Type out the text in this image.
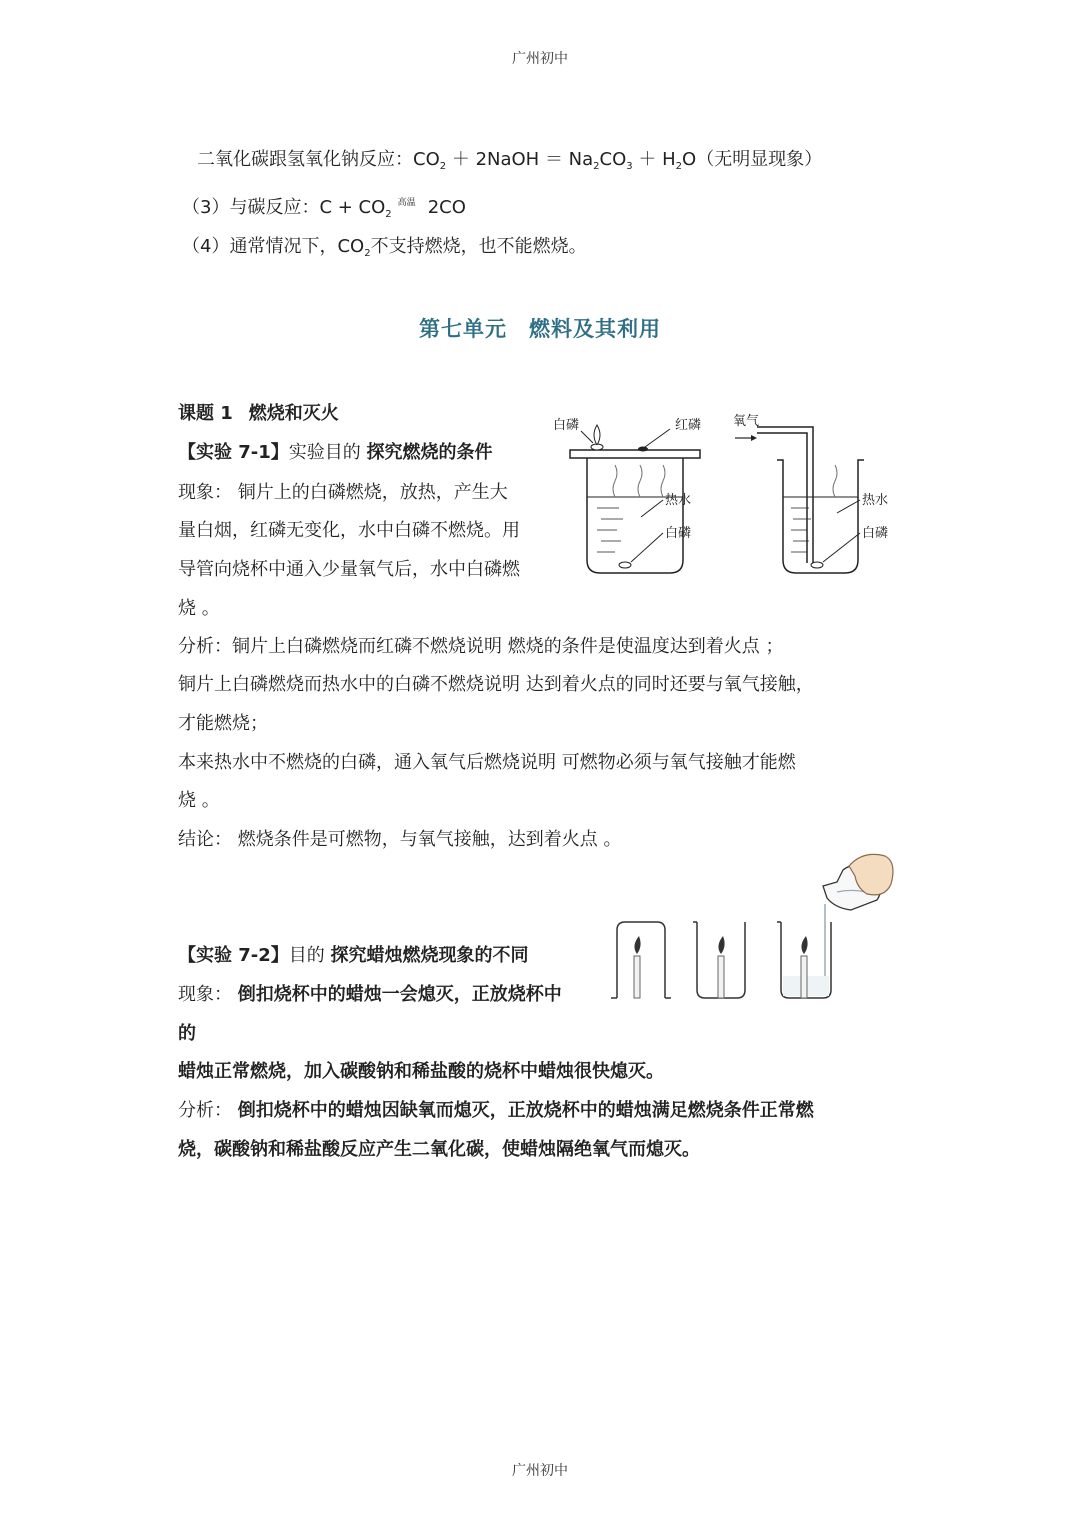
广州初中
二氧化碳跟氢氧化钠反应：$CO_2$ ＋ 2NaOH ＝ $Na_2CO_3 + H_2O$（无明显现象）
（3）与碳反应：$C + CO_2^{高温}$ 2CO
（4）通常情况下，$CO_2$不支持燃烧，也不能燃烧。
第七单元 燃料及其利用
课题 1 燃烧和灭火
【实验 7-1】实验目的 探究燃烧的条件
现象： 铜片上的白磷燃烧，放热，产生大
量白烟，红磷无变化，水中白磷不燃烧。用
导管向烧杯中通入少量氧气后，水中白磷燃
烧 。
分析：铜片上白磷燃烧而红磷不燃烧说明 燃烧的条件是使温度达到着火点 ；
铜片上白磷燃烧而热水中的白磷不燃烧说明 达到着火点的同时还要与氧气接触，
才能燃烧；
本来热水中不燃烧的白磷，通入氧气后燃烧说明 可燃物必须与氧气接触才能燃
烧 。
结论： 燃烧条件是可燃物，与氧气接触，达到着火点 。
白磷	红磷
热水
白磷
氧气
热水
白磷
【实验 7-2】目的 探究蜡烛燃烧现象的不同
现象： 倒扣烧杯中的蜡烛一会熄灭，正放烧杯中
的
蜡烛正常燃烧，加入碳酸钠和稀盐酸的烧杯中蜡烛很快熄灭。
分析： 倒扣烧杯中的蜡烛因缺氧而熄灭，正放烧杯中的蜡烛满足燃烧条件正常燃
烧，碳酸钠和稀盐酸反应产生二氧化碳，使蜡烛隔绝氧气而熄灭。
广州初中
